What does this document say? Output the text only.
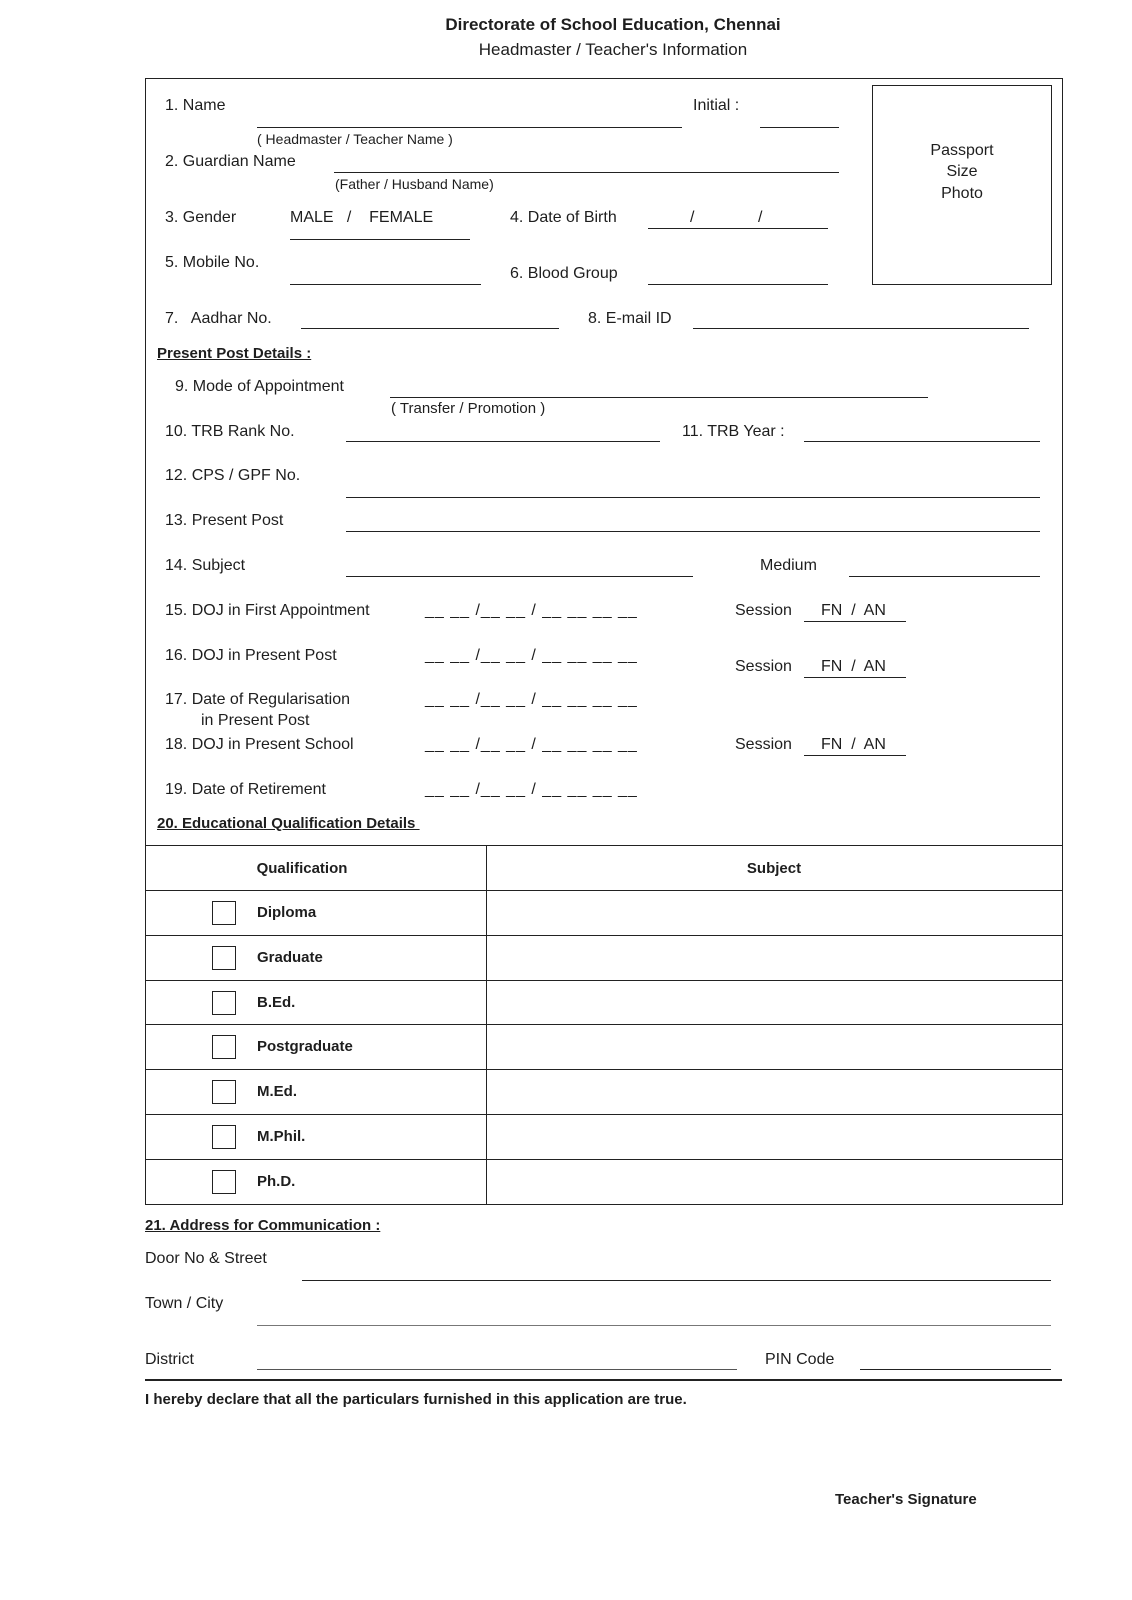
Directorate of School Education, Chennai
Headmaster / Teacher's Information
Passport
Size
Photo
1. Name
( Headmaster / Teacher Name )
Initial :
2. Guardian Name
(Father / Husband Name)
3. Gender	MALE   /    FEMALE	4. Date of Birth	/	/
5. Mobile No.
6. Blood Group
7.   Aadhar No.	8. E-mail ID
Present Post Details :
9. Mode of Appointment
( Transfer / Promotion )
10. TRB Rank No.	11. TRB Year :
12. CPS / GPF No.
13. Present Post
14. Subject	Medium
15. DOJ in First Appointment	__ __ /__ __ / __ __ __ __	Session FN  /  AN
16. DOJ in Present Post	__ __ /__ __ / __ __ __ __
Session FN  /  AN
17. Date of Regularisation
in Present Post
__ __ /__ __ / __ __ __ __
18. DOJ in Present School	__ __ /__ __ / __ __ __ __	Session FN  /  AN
19. Date of Retirement	__ __ /__ __ / __ __ __ __
20. Educational Qualification Details
Qualification	Subject
Diploma
Graduate
B.Ed.
Postgraduate
M.Ed.
M.Phil.
Ph.D.
21. Address for Communication :
Door No & Street
Town / City
District	PIN Code
I hereby declare that all the particulars furnished in this application are true.
Teacher's Signature
